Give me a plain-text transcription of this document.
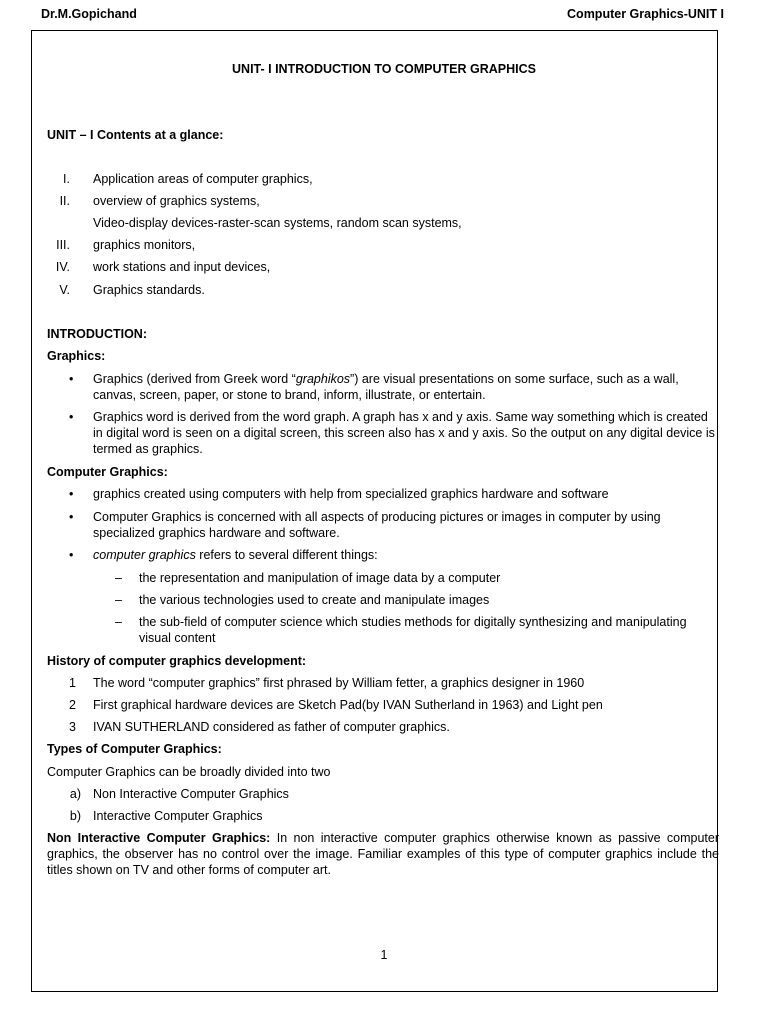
Dr.M.Gopichand	Computer Graphics-UNIT I
UNIT- I INTRODUCTION TO COMPUTER GRAPHICS
UNIT – I Contents at a glance:
I. Application areas of computer graphics,
II. overview of graphics systems,
Video-display devices-raster-scan systems, random scan systems,
III. graphics monitors,
IV. work stations and input devices,
V. Graphics standards.
INTRODUCTION:
Graphics:
• Graphics (derived from Greek word “graphikos”) are visual presentations on some surface, such as a wall, canvas, screen, paper, or stone to brand, inform, illustrate, or entertain.
• Graphics word is derived from the word graph. A graph has x and y axis. Same way something which is created in digital word is seen on a digital screen, this screen also has x and y axis. So the output on any digital device is termed as graphics.
Computer Graphics:
• graphics created using computers with help from specialized graphics hardware and software
• Computer Graphics is concerned with all aspects of producing pictures or images in computer by using specialized graphics hardware and software.
• computer graphics refers to several different things:
– the representation and manipulation of image data by a computer
– the various technologies used to create and manipulate images
– the sub-field of computer science which studies methods for digitally synthesizing and manipulating visual content
History of computer graphics development:
1 The word “computer graphics” first phrased by William fetter, a graphics designer in 1960
2 First graphical hardware devices are Sketch Pad(by IVAN Sutherland in 1963) and Light pen
3 IVAN SUTHERLAND considered as father of computer graphics.
Types of Computer Graphics:
Computer Graphics can be broadly divided into two
a) Non Interactive Computer Graphics
b) Interactive Computer Graphics
Non Interactive Computer Graphics: In non interactive computer graphics otherwise known as passive computer graphics, the observer has no control over the image. Familiar examples of this type of computer graphics include the titles shown on TV and other forms of computer art.
1
